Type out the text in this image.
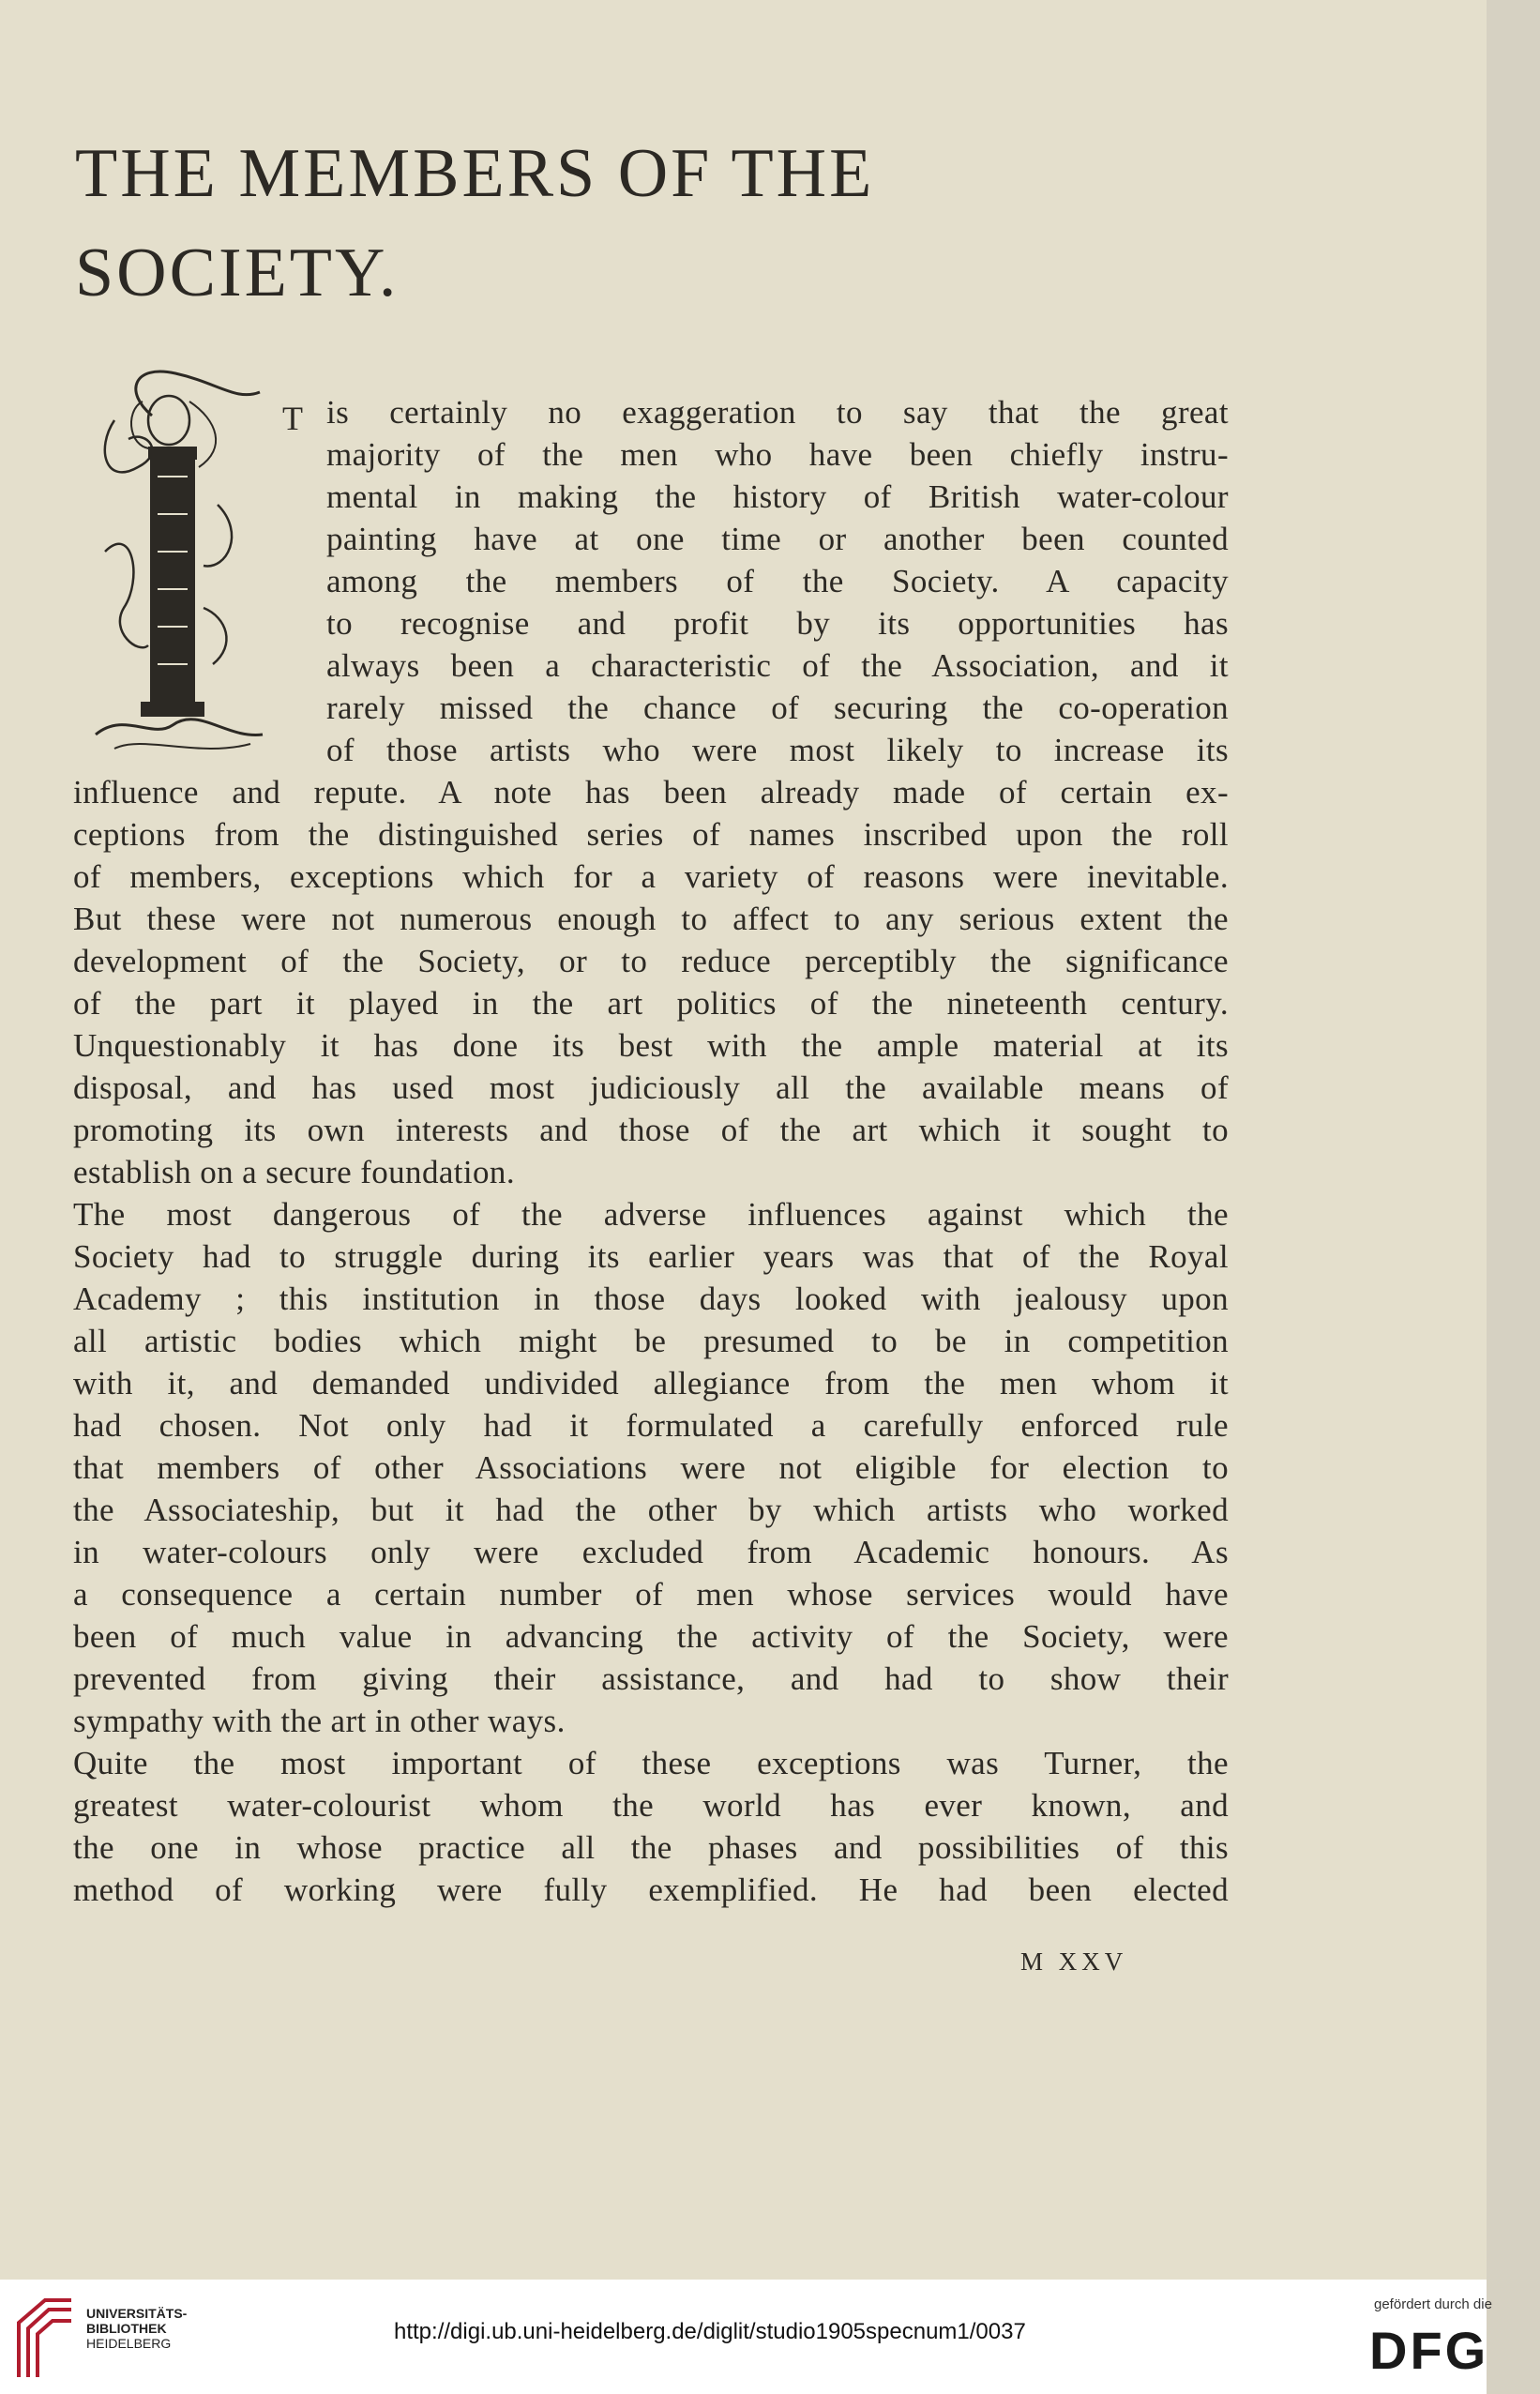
THE MEMBERS OF THE
SOCIETY.
T is certainly no exaggeration to say that the great
majority of the men who have been chiefly instru-
mental in making the history of British water-colour
painting have at one time or another been counted
among the members of the Society. A capacity
to recognise and profit by its opportunities has
always been a characteristic of the Association, and it
rarely missed the chance of securing the co-operation
of those artists who were most likely to increase its
influence and repute. A note has been already made of certain ex-
ceptions from the distinguished series of names inscribed upon the roll
of members, exceptions which for a variety of reasons were inevitable.
But these were not numerous enough to affect to any serious extent the
development of the Society, or to reduce perceptibly the significance
of the part it played in the art politics of the nineteenth century.
Unquestionably it has done its best with the ample material at its
disposal, and has used most judiciously all the available means of
promoting its own interests and those of the art which it sought to
establish on a secure foundation.
The most dangerous of the adverse influences against which the
Society had to struggle during its earlier years was that of the Royal
Academy ; this institution in those days looked with jealousy upon
all artistic bodies which might be presumed to be in competition
with it, and demanded undivided allegiance from the men whom it
had chosen. Not only had it formulated a carefully enforced rule
that members of other Associations were not eligible for election to
the Associateship, but it had the other by which artists who worked
in water-colours only were excluded from Academic honours. As
a consequence a certain number of men whose services would have
been of much value in advancing the activity of the Society, were
prevented from giving their assistance, and had to show their
sympathy with the art in other ways.
Quite the most important of these exceptions was Turner, the
greatest water-colourist whom the world has ever known, and
the one in whose practice all the phases and possibilities of this
method of working were fully exemplified. He had been elected
M XXV
UNIVERSITÄTS-
BIBLIOTHEK
HEIDELBERG	http://digi.ub.uni-heidelberg.de/diglit/studio1905specnum1/0037
gefördert durch die
DFG
